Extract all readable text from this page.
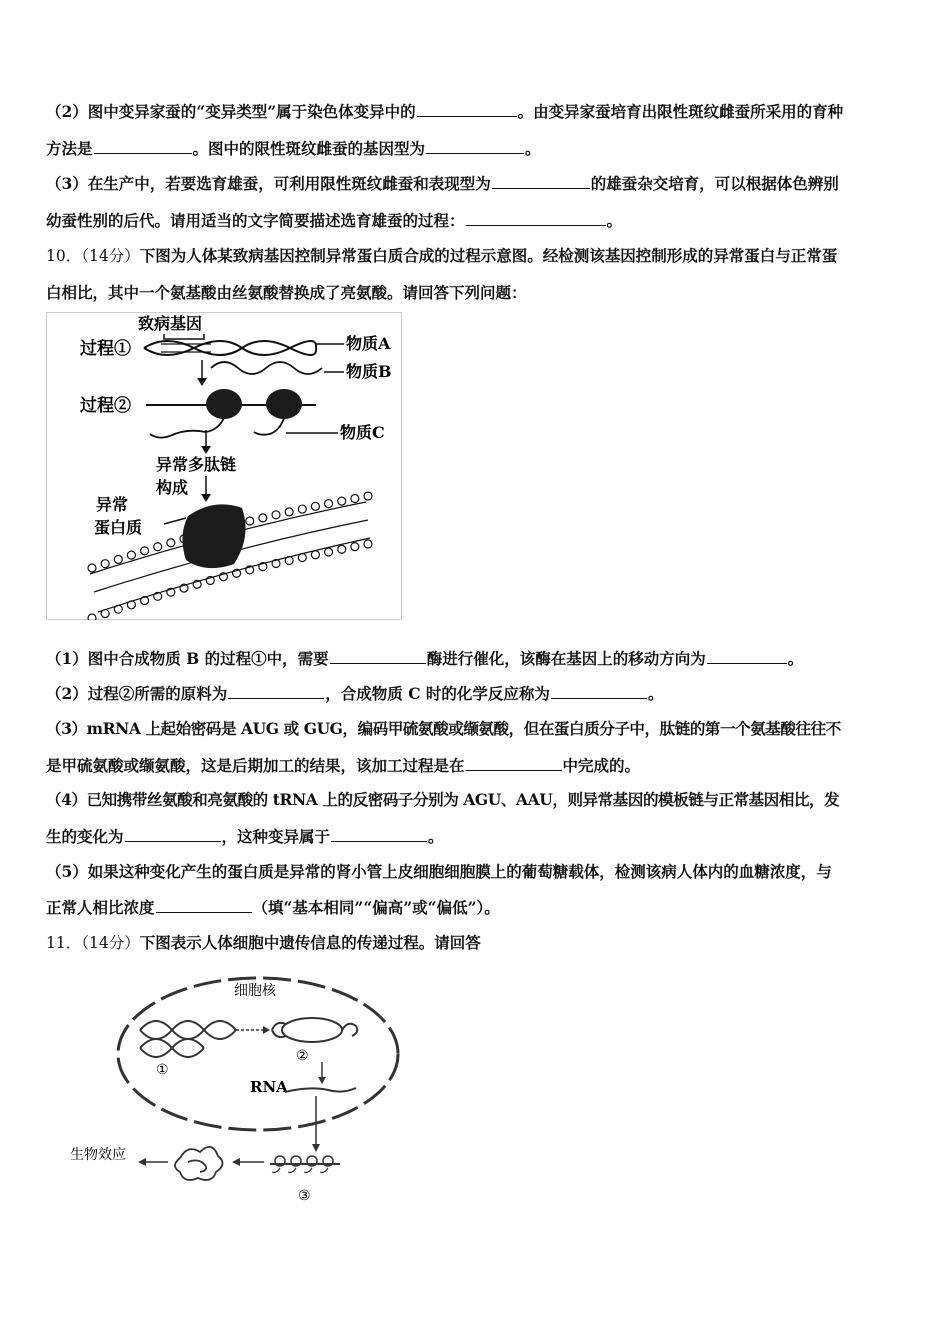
（2）图中变异家蚕的“变异类型”属于染色体变异中的	。由变异家蚕培育出限性斑纹雌蚕所采用的育种
方法是	。图中的限性斑纹雌蚕的基因型为	。
（3）在生产中，若要选育雄蚕，可利用限性斑纹雌蚕和表现型为	的雄蚕杂交培育，可以根据体色辨别
幼蚕性别的后代。请用适当的文字简要描述选育雄蚕的过程：	。
10．（14分）下图为人体某致病基因控制异常蛋白质合成的过程示意图。经检测该基因控制形成的异常蛋白与正常蛋
白相比，其中一个氨基酸由丝氨酸替换成了亮氨酸。请回答下列问题：
致病基因
过程①	物质A
物质B
过程②
物质C
异常多肽链
构成
异常
蛋白质
（1）图中合成物质 B 的过程①中，需要	酶进行催化，该酶在基因上的移动方向为	。
（2）过程②所需的原料为	，合成物质 C 时的化学反应称为	。
（3）mRNA 上起始密码是 AUG 或 GUG，编码甲硫氨酸或缬氨酸，但在蛋白质分子中，肽链的第一个氨基酸往往不
是甲硫氨酸或缬氨酸，这是后期加工的结果，该加工过程是在	中完成的。
（4）已知携带丝氨酸和亮氨酸的 tRNA 上的反密码子分别为 AGU、AAU，则异常基因的模板链与正常基因相比，发
生的变化为	，这种变异属于	。
（5）如果这种变化产生的蛋白质是异常的肾小管上皮细胞细胞膜上的葡萄糖载体，检测该病人体内的血糖浓度，与
正常人相比浓度	（填“基本相同”“偏高”或“偏低”）。
11．（14分）下图表示人体细胞中遗传信息的传递过程。请回答
细胞核
①
②
RNA
③
生物效应
